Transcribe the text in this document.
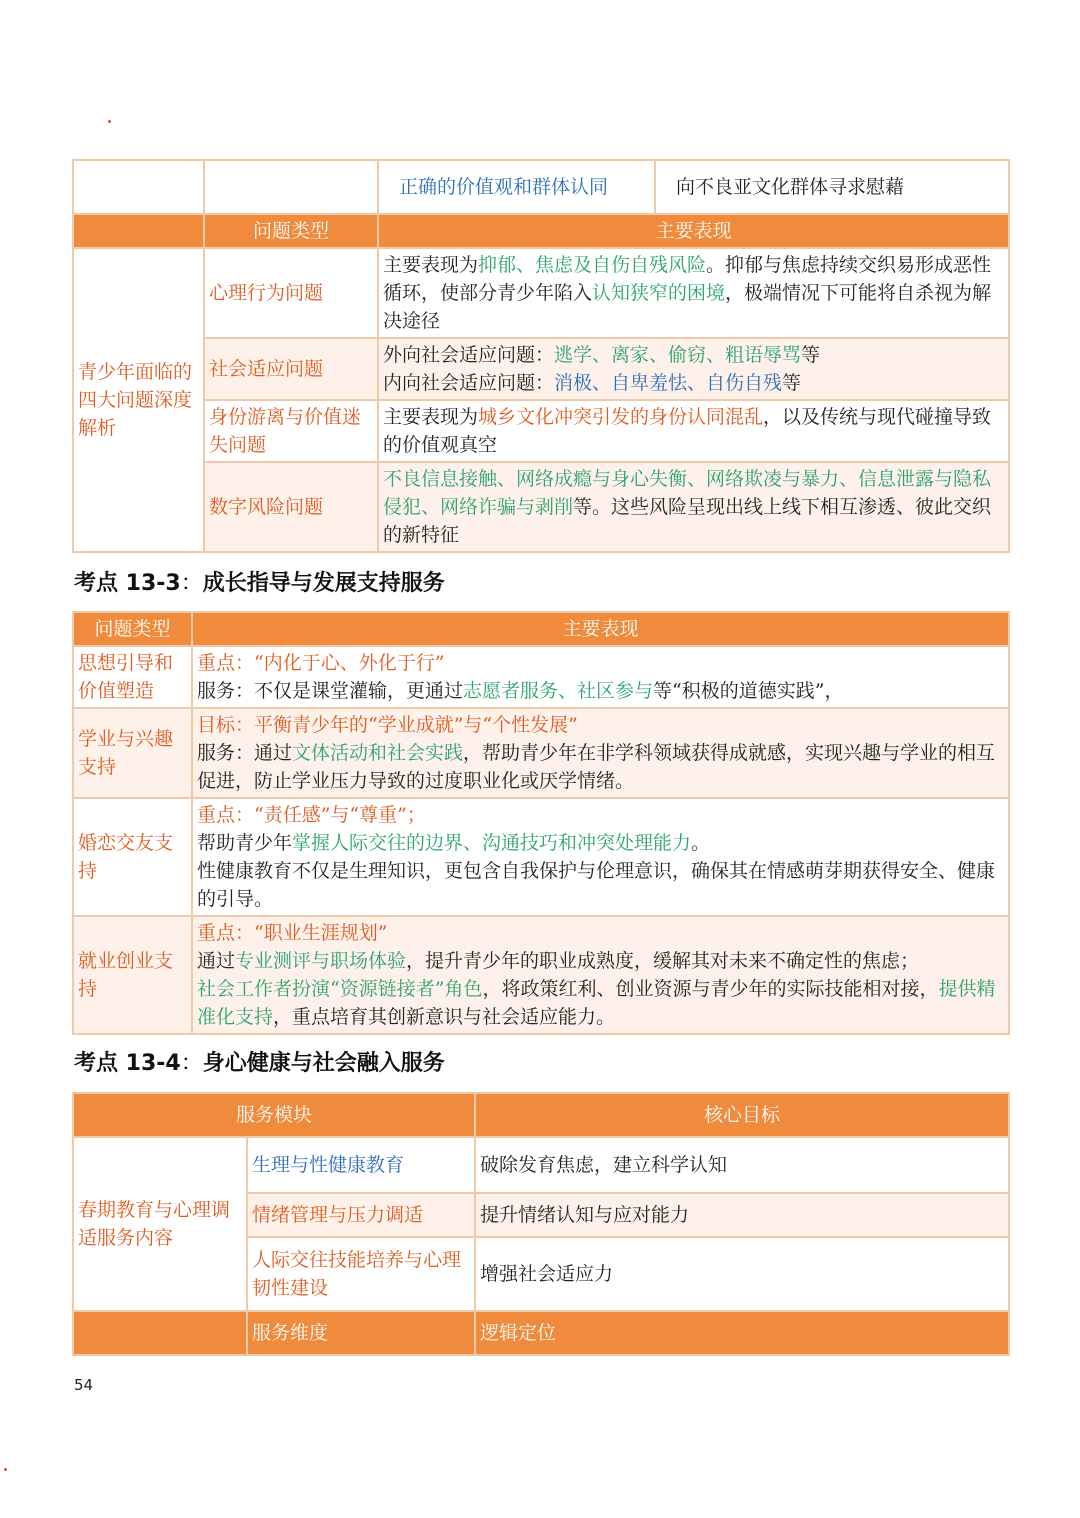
		正确的价值观和群体认同	向不良亚文化群体寻求慰藉
	问题类型	主要表现	
青少年面临的四大问题深度解析	心理行为问题	主要表现为抑郁、焦虑及自伤自残风险。抑郁与焦虑持续交织易形成恶性循环，使部分青少年陷入认知狭窄的困境，极端情况下可能将自杀视为解决途径	
	社会适应问题	外向社会适应问题：逃学、离家、偷窃、粗语辱骂等
内向社会适应问题：消极、自卑羞怯、自伤自残等	

	身份游离与价值迷失问题	主要表现为城乡文化冲突引发的身份认同混乱，以及传统与现代碰撞导致的价值观真空	
	数字风险问题	不良信息接触、网络成瘾与身心失衡、网络欺凌与暴力、信息泄露与隐私侵犯、网络诈骗与剥削等。这些风险呈现出线上线下相互渗透、彼此交织的新特征	
考点 13-3：成长指导与发展支持服务
问题类型	主要表现
思想引导和价值塑造	重点：“内化于心、外化于行”
服务：不仅是课堂灌输，更通过志愿者服务、社区参与等“积极的道德实践”，

学业与兴趣支持	目标：平衡青少年的“学业成就”与“个性发展”
服务：通过文体活动和社会实践，帮助青少年在非学科领域获得成就感，实现兴趣与学业的相互促进，防止学业压力导致的过度职业化或厌学情绪。

婚恋交友支持	重点：“责任感”与“尊重”；
帮助青少年掌握人际交往的边界、沟通技巧和冲突处理能力。
性健康教育不仅是生理知识，更包含自我保护与伦理意识，确保其在情感萌芽期获得安全、健康的引导。

就业创业支持	重点：“职业生涯规划”
通过专业测评与职场体验，提升青少年的职业成熟度，缓解其对未来不确定性的焦虑；
社会工作者扮演“资源链接者”角色，将政策红利、创业资源与青少年的实际技能相对接，提供精准化支持，重点培育其创新意识与社会适应能力。
考点 13-4：身心健康与社会融入服务
服务模块		核心目标
春期教育与心理调适服务内容	生理与性健康教育	破除发育焦虑，建立科学认知
	情绪管理与压力调适	提升情绪认知与应对能力
	人际交往技能培养与心理韧性建设	增强社会适应力
	服务维度	逻辑定位
54
